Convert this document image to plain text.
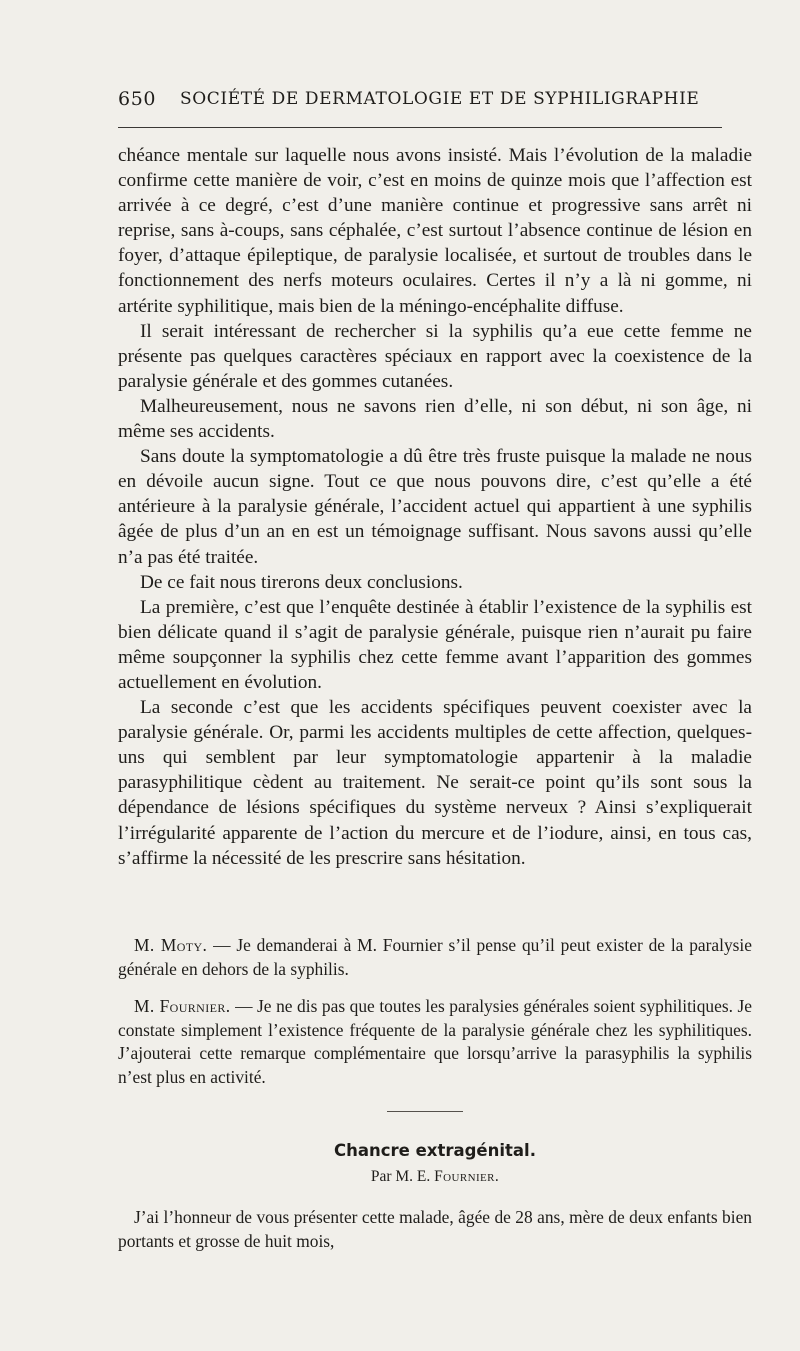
650 SOCIÉTÉ DE DERMATOLOGIE ET DE SYPHILIGRAPHIE

chéance mentale sur laquelle nous avons insisté. Mais l’évolution de la maladie confirme cette manière de voir, c’est en moins de quinze mois que l’affection est arrivée à ce degré, c’est d’une manière continue et progressive sans arrêt ni reprise, sans à-coups, sans céphalée, c’est surtout l’absence continue de lésion en foyer, d’attaque épileptique, de paralysie localisée, et surtout de troubles dans le fonctionnement des nerfs moteurs oculaires. Certes il n’y a là ni gomme, ni artérite syphilitique, mais bien de la méningo-encéphalite diffuse.

Il serait intéressant de rechercher si la syphilis qu’a eue cette femme ne présente pas quelques caractères spéciaux en rapport avec la coexistence de la paralysie générale et des gommes cutanées.

Malheureusement, nous ne savons rien d’elle, ni son début, ni son âge, ni même ses accidents.

Sans doute la symptomatologie a dû être très fruste puisque la malade ne nous en dévoile aucun signe. Tout ce que nous pouvons dire, c’est qu’elle a été antérieure à la paralysie générale, l’accident actuel qui appartient à une syphilis âgée de plus d’un an en est un témoignage suffisant. Nous savons aussi qu’elle n’a pas été traitée.

De ce fait nous tirerons deux conclusions.

La première, c’est que l’enquête destinée à établir l’existence de la syphilis est bien délicate quand il s’agit de paralysie générale, puisque rien n’aurait pu faire même soupçonner la syphilis chez cette femme avant l’apparition des gommes actuellement en évolution.

La seconde c’est que les accidents spécifiques peuvent coexister avec la paralysie générale. Or, parmi les accidents multiples de cette affection, quelques-uns qui semblent par leur symptomatologie appartenir à la maladie parasyphilitique cèdent au traitement. Ne serait-ce point qu’ils sont sous la dépendance de lésions spécifiques du système nerveux ? Ainsi s’expliquerait l’irrégularité apparente de l’action du mercure et de l’iodure, ainsi, en tous cas, s’affirme la nécessité de les prescrire sans hésitation.

M. Moty. — Je demanderai à M. Fournier s’il pense qu’il peut exister de la paralysie générale en dehors de la syphilis.

M. Fournier. — Je ne dis pas que toutes les paralysies générales soient syphilitiques. Je constate simplement l’existence fréquente de la paralysie générale chez les syphilitiques. J’ajouterai cette remarque complémentaire que lorsqu’arrive la parasyphilis la syphilis n’est plus en activité.

Chancre extragénital.
Par M. E. Fournier.

J’ai l’honneur de vous présenter cette malade, âgée de 28 ans, mère de deux enfants bien portants et grosse de huit mois,
